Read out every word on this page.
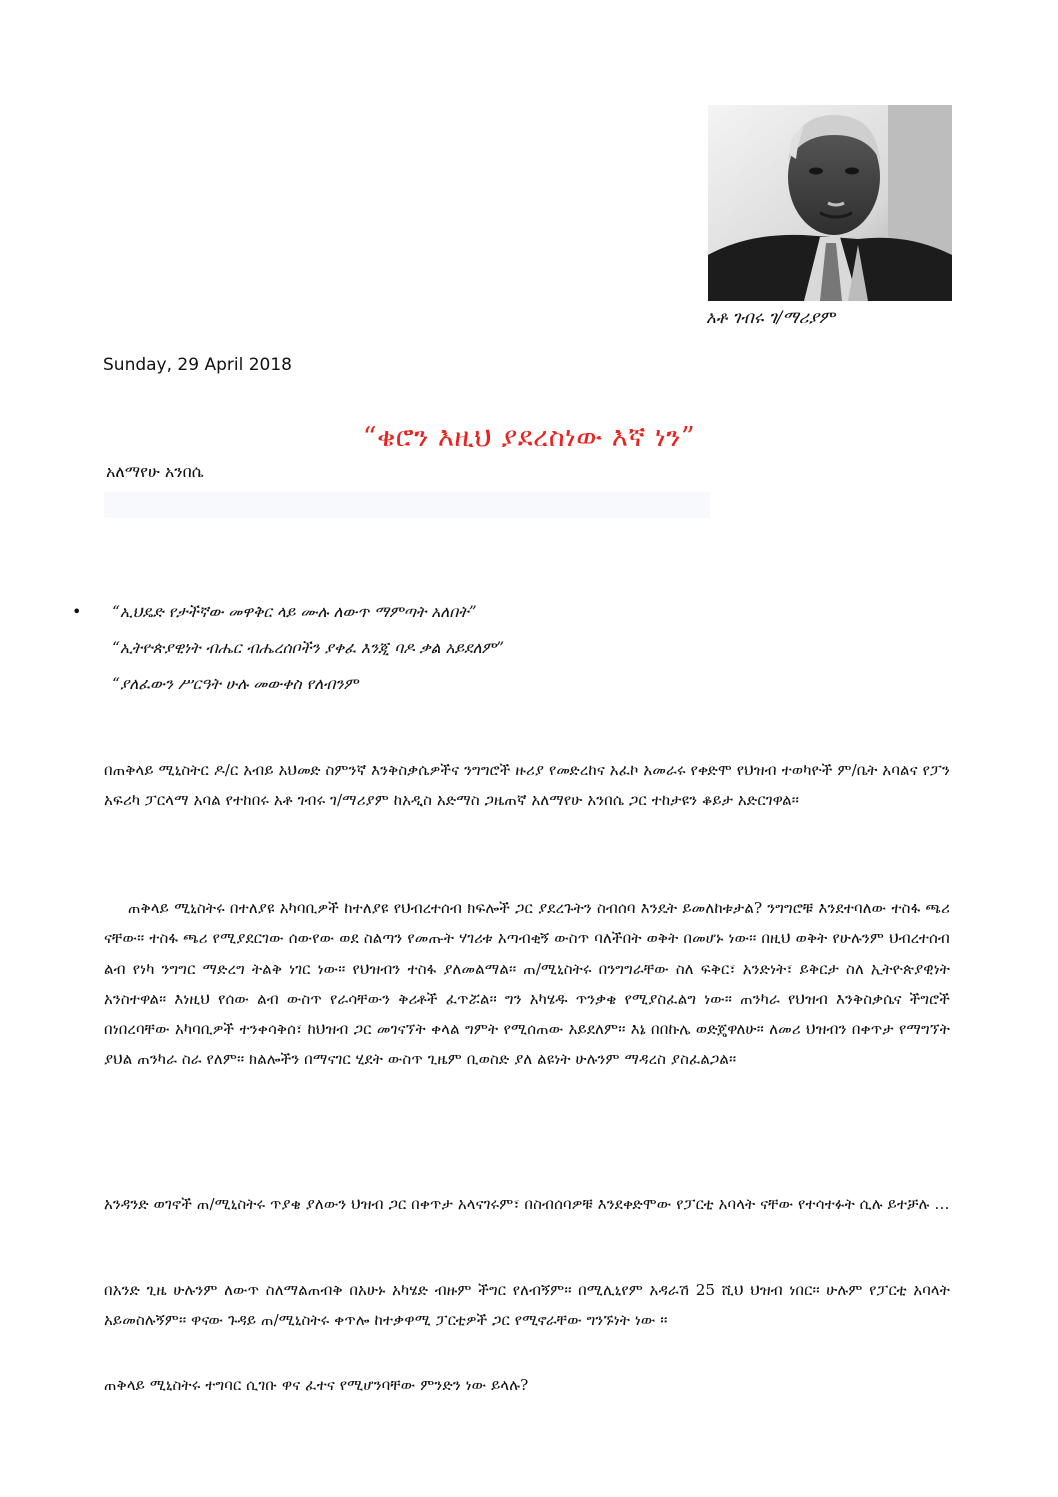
አቶ ገብሩ ገ/ማሪያም
Sunday, 29 April 2018
“ቄሮን እዚህ ያደረስነው እኛ ነን”
አለማየሁ አንበሴ
• “ኢህዴድ የታችኛው መዋቅር ላይ ሙሉ ለውጥ ማምጣት አለበት”
“ኢትዮጵያዊነት ብሔር ብሔረሰቦችን ያቀፈ እንጂ ባዶ ቃል አይደለም”
“ያለፈውን ሥርዓት ሁሉ መውቀስ የለብንም

በጠቅላይ ሚኒስትር ዶ/ር አብይ አህመድ ስምንኛ እንቅስቃሴዎችና ንግግሮች ዙሪያ የመድረከና አፈኮ አመራሩ የቀድሞ የህዝብ ተወካዮች ም/ቤት አባልና የፓን አፍሪካ ፓርላማ አባል የተከበሩ አቶ ገብሩ ገ/ማሪያም ከአዲስ አድማስ ጋዜጠኛ አለማየሁ አንበሴ ጋር ተከታዩን ቆይታ አድርገዋል፡፡

ጠቅላይ ሚኒስትሩ በተለያዩ አካባቢዎች ከተለያዩ የህብረተሰብ ክፍሎች ጋር ያደረጉትን ስብሰባ እንዴት ይመለከቱታል? ንግግሮቹ እንደተባለው ተስፋ ጫሪ ናቸው፡፡ ተስፋ ጫሪ የሚያደርገው ሰውየው ወደ ስልጣን የመጡት ሃገሪቱ አጣብቂኝ ውስጥ ባለችበት ወቅት በመሆኑ ነው፡፡ በዚህ ወቅት የሁሉንም ህብረተሰብ ልብ የነካ ንግግር ማድረግ ትልቅ ነገር ነው፡፡ የህዝብን ተስፋ ያለመልማል፡፡ ጠ/ሚኒስትሩ በንግግራቸው ስለ ፍቅር፣ አንድነት፣ ይቅርታ ስለ ኢትዮጵያዊነት አንስተዋል፡፡ እነዚህ የሰው ልብ ውስጥ የራሳቸውን ቅሪቶች ፈጥሯል፡፡ ግን አካሄዱ ጥንቃቄ የሚያስፈልግ ነው፡፡ ጠንካራ የህዝብ እንቅስቃሴና ችግሮች በነበረባቸው አካባቢዎች ተንቀሳቅሰ፣ ከህዝብ ጋር መገናኘት ቀላል ግምት የሚሰጠው አይደለም፡፡ እኔ በበኩሌ ወድጄዋለሁ፡፡ ለመሪ ህዝብን በቀጥታ የማግኘት ያህል ጠንካራ ስራ የለም፡፡ ክልሎችን በማናገር ሂደት ውስጥ ጊዜም ቢወስድ ያለ ልዩነት ሁሉንም ማዳረስ ያስፈልጋል፡፡

አንዳንድ ወገኖች ጠ/ሚኒስትሩ ጥያቄ ያለውን ህዝብ ጋር በቀጥታ አላናገሩም፣ በስብሰባዎቹ እንደቀድሞው የፓርቲ አባላት ናቸው የተሳተፉት ሲሉ ይተቻሉ …

በአንድ ጊዜ ሁሉንም ለውጥ ስለማልጠብቅ በአሁኑ አካሄድ ብዙም ችግር የለብኝም፡፡ በሚሊኒየም አዳራሽ 25 ሺህ ህዝብ ነበር፡፡ ሁሉም የፓርቲ አባላት አይመስሉኝም፡፡ ዋናው ጉዳይ ጠ/ሚኒስትሩ ቀጥሎ ከተቃዋሚ ፓርቲዎች ጋር የሚኖራቸው ግንኙነት ነው ፡፡

ጠቅላይ ሚኒስትሩ ተግባር ሲገቡ ዋና ፈተና የሚሆንባቸው ምንድን ነው ይላሉ?
